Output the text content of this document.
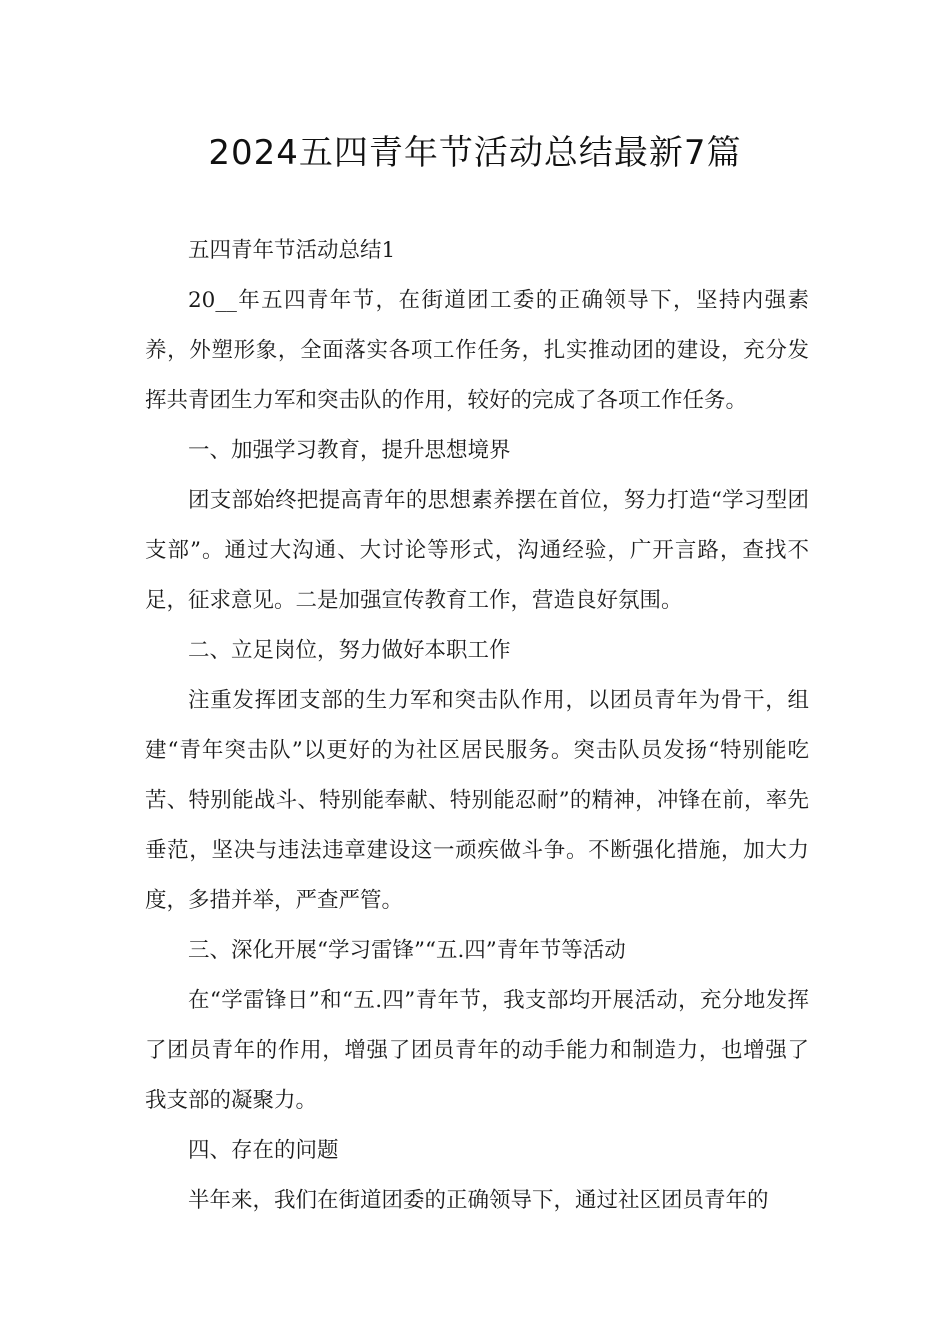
2024五四青年节活动总结最新7篇

五四青年节活动总结1

20__年五四青年节，在街道团工委的正确领导下，坚持内强素养，外塑形象，全面落实各项工作任务，扎实推动团的建设，充分发挥共青团生力军和突击队的作用，较好的完成了各项工作任务。

一、加强学习教育，提升思想境界

团支部始终把提高青年的思想素养摆在首位，努力打造“学习型团支部”。通过大沟通、大讨论等形式，沟通经验，广开言路，查找不足，征求意见。二是加强宣传教育工作，营造良好氛围。

二、立足岗位，努力做好本职工作

注重发挥团支部的生力军和突击队作用，以团员青年为骨干，组建“青年突击队”以更好的为社区居民服务。突击队员发扬“特别能吃苦、特别能战斗、特别能奉献、特别能忍耐”的精神，冲锋在前，率先垂范，坚决与违法违章建设这一顽疾做斗争。不断强化措施，加大力度，多措并举，严查严管。

三、深化开展“学习雷锋”“五.四”青年节等活动

在“学雷锋日”和“五.四”青年节，我支部均开展活动，充分地发挥了团员青年的作用，增强了团员青年的动手能力和制造力，也增强了我支部的凝聚力。

四、存在的问题

半年来，我们在街道团委的正确领导下，通过社区团员青年的
